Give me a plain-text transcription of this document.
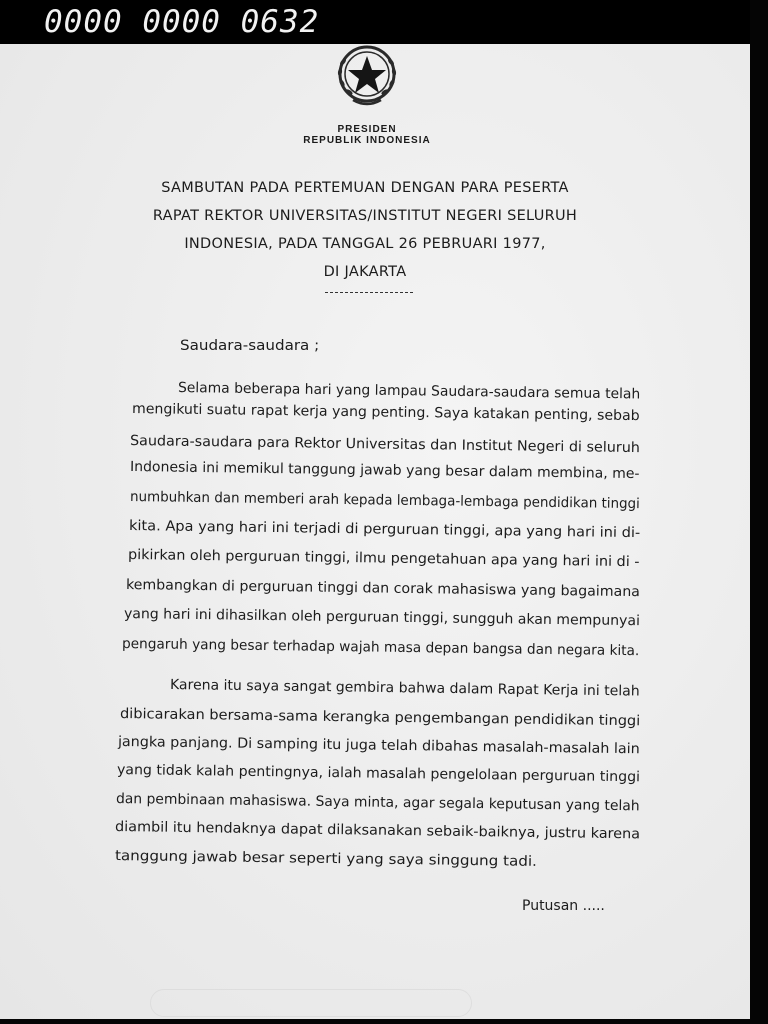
0000 0000 0632
PRESIDEN
REPUBLIK INDONESIA
SAMBUTAN PADA PERTEMUAN DENGAN PARA PESERTA
RAPAT REKTOR UNIVERSITAS/INSTITUT NEGERI SELURUH
INDONESIA, PADA TANGGAL 26 PEBRUARI 1977,
DI JAKARTA
Saudara-saudara ;
Selama beberapa hari yang lampau Saudara-saudara semua telah
mengikuti suatu rapat kerja yang penting. Saya katakan penting, sebab
Saudara-saudara para Rektor Universitas dan Institut Negeri di seluruh
Indonesia ini memikul tanggung jawab yang besar dalam membina, me-
numbuhkan dan memberi arah kepada lembaga-lembaga pendidikan tinggi
kita. Apa yang hari ini terjadi di perguruan tinggi, apa yang hari ini di-
pikirkan oleh perguruan tinggi, ilmu pengetahuan apa yang hari ini di -
kembangkan di perguruan tinggi dan corak mahasiswa yang bagaimana
yang hari ini dihasilkan oleh perguruan tinggi, sungguh akan mempunyai
pengaruh yang besar terhadap wajah masa depan bangsa dan negara kita.
Karena itu saya sangat gembira bahwa dalam Rapat Kerja ini telah
dibicarakan bersama-sama kerangka pengembangan pendidikan tinggi
jangka panjang. Di samping itu juga telah dibahas masalah-masalah lain
yang tidak kalah pentingnya, ialah masalah pengelolaan perguruan tinggi
dan pembinaan mahasiswa. Saya minta, agar segala keputusan yang telah
diambil itu hendaknya dapat dilaksanakan sebaik-baiknya, justru karena
tanggung jawab besar seperti yang saya singgung tadi.
Putusan .....
